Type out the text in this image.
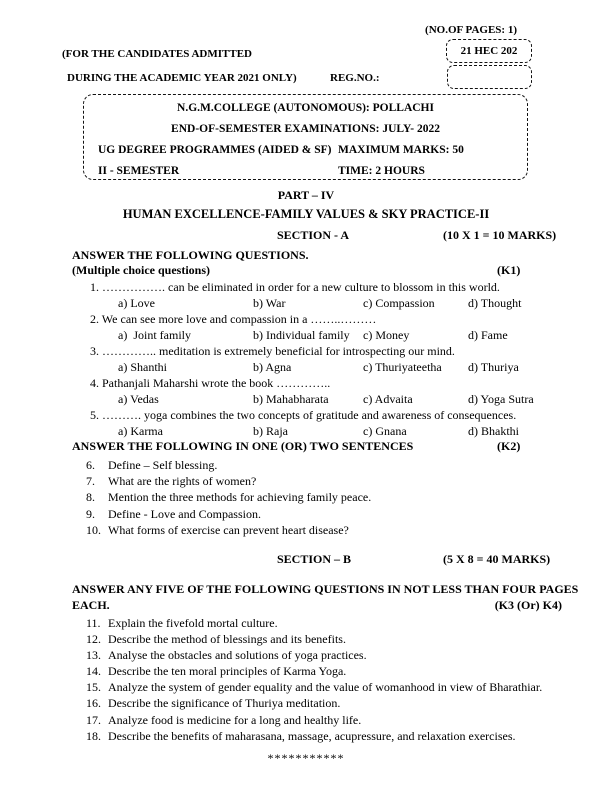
(NO.OF PAGES: 1)
(FOR THE CANDIDATES ADMITTED	21 HEC 202
DURING THE ACADEMIC YEAR 2021 ONLY)	REG.NO.:
N.G.M.COLLEGE (AUTONOMOUS): POLLACHI
END-OF-SEMESTER EXAMINATIONS: JULY- 2022
UG DEGREE PROGRAMMES (AIDED & SF) MAXIMUM MARKS: 50
II - SEMESTER	TIME: 2 HOURS
PART – IV
HUMAN EXCELLENCE-FAMILY VALUES & SKY PRACTICE-II
SECTION - A	(10 X 1 = 10 MARKS)
ANSWER THE FOLLOWING QUESTIONS.
(Multiple choice questions)	(K1)
1. ……………. can be eliminated in order for a new culture to blossom in this world.
a) Love	b) War	c) Compassion	d) Thought
2. We can see more love and compassion in a ……..………
a)  Joint family	b) Individual family	c) Money	d) Fame
3. ………….. meditation is extremely beneficial for introspecting our mind.
a) Shanthi	b) Agna	c) Thuriyateetha	d) Thuriya
4. Pathanjali Maharshi wrote the book …………..
a) Vedas	b) Mahabharata	c) Advaita	d) Yoga Sutra
5. ………. yoga combines the two concepts of gratitude and awareness of consequences.
a) Karma	b) Raja	c) Gnana	d) Bhakthi
ANSWER THE FOLLOWING IN ONE (OR) TWO SENTENCES	(K2)
6. Define – Self blessing.
7. What are the rights of women?
8. Mention the three methods for achieving family peace.
9. Define - Love and Compassion.
10. What forms of exercise can prevent heart disease?
SECTION – B	(5 X 8 = 40 MARKS)
ANSWER ANY FIVE OF THE FOLLOWING QUESTIONS IN NOT LESS THAN FOUR PAGES
EACH.	(K3 (Or) K4)
11. Explain the fivefold mortal culture.
12. Describe the method of blessings and its benefits.
13. Analyse the obstacles and solutions of yoga practices.
14. Describe the ten moral principles of Karma Yoga.
15. Analyze the system of gender equality and the value of womanhood in view of Bharathiar.
16. Describe the significance of Thuriya meditation.
17. Analyze food is medicine for a long and healthy life.
18. Describe the benefits of maharasana, massage, acupressure, and relaxation exercises.
***********
